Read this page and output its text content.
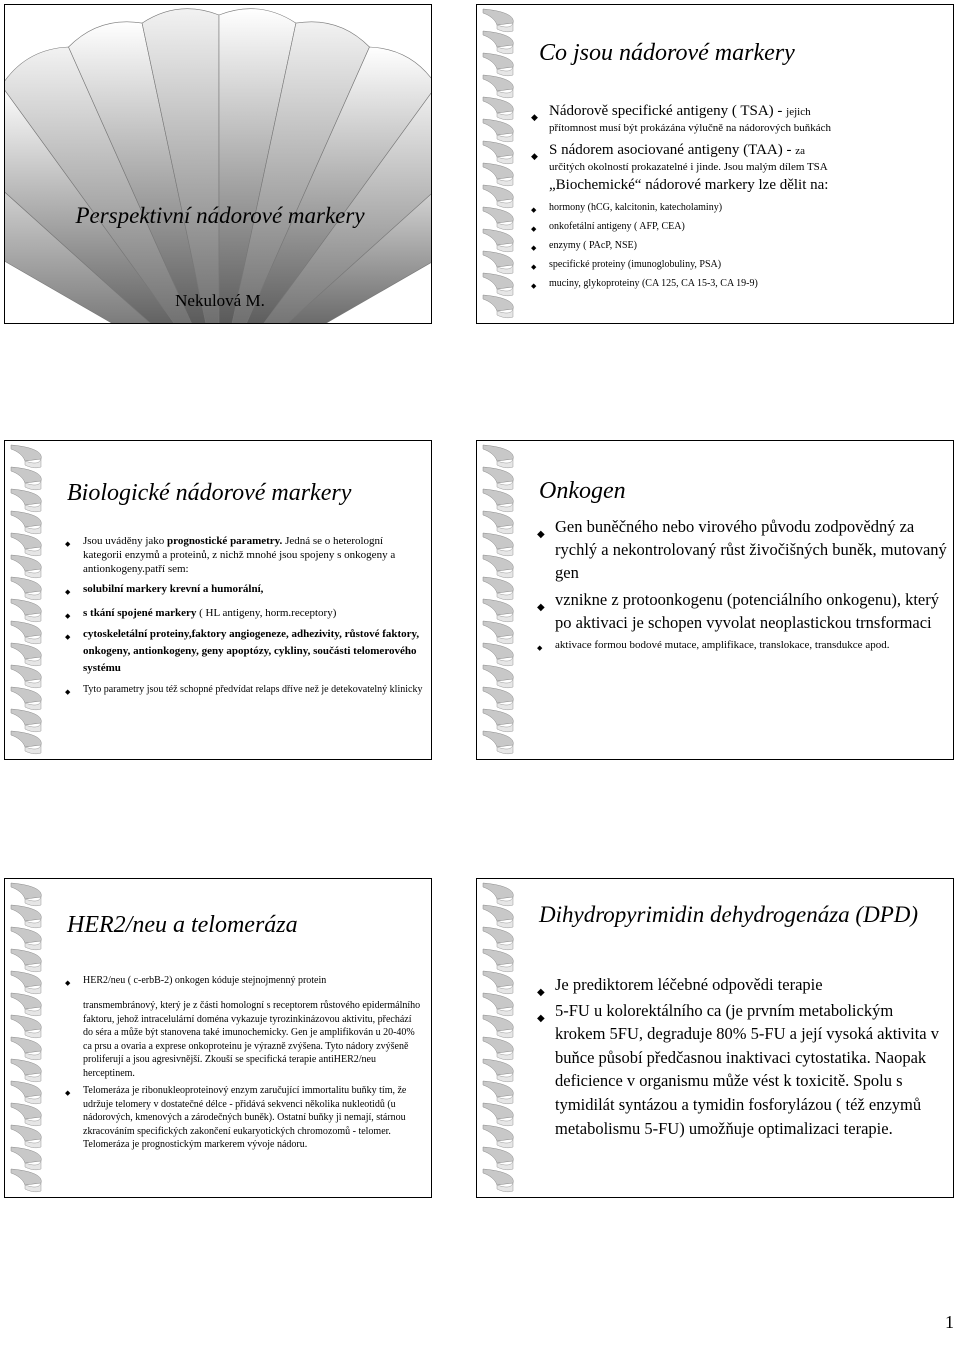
Perspektivní nádorové markery
Nekulová M.
Co jsou nádorové markery
◆ Nádorově specifické antigeny ( TSA) - jejich
přítomnost musí být prokázána výlučně na nádorových buňkách
◆ S nádorem asociované antigeny (TAA) - za
určitých okolností prokazatelné i jinde. Jsou malým dílem TSA
„Biochemické“ nádorové markery lze dělit na:
◆ hormony (hCG, kalcitonin, katecholaminy)
◆ onkofetální antigeny ( AFP, CEA)
◆ enzymy ( PAcP, NSE)
◆ specifické proteiny (imunoglobuliny, PSA)
◆ muciny, glykoproteiny (CA 125, CA 15-3, CA 19-9)
Biologické nádorové markery
◆ Jsou uváděny jako prognostické parametry. Jedná se o heterologní kategorii enzymů a proteinů, z nichž mnohé jsou spojeny s onkogeny a antionkogeny.patří sem:
◆ solubilní markery krevní a humorální,
◆ s tkání spojené markery ( HL antigeny, horm.receptory)
◆ cytoskeletální proteiny,faktory angiogeneze, adhezivity, růstové faktory, onkogeny, antionkogeny, geny apoptózy, cykliny, součásti telomerového systému
◆ Tyto parametry jsou též schopné předvídat relaps dříve než je detekovatelný klinicky
Onkogen
◆ Gen buněčného nebo virového původu zodpovědný za rychlý a nekontrolovaný růst živočišných buněk, mutovaný gen
◆ vznikne z protoonkogenu (potenciálního onkogenu), který po aktivaci je schopen vyvolat neoplastickou trnsformaci
◆ aktivace formou bodové mutace, amplifikace, translokace, transdukce apod.
HER2/neu a telomeráza
◆ HER2/neu ( c-erbB-2) onkogen kóduje stejnojmenný protein
transmembránový, který je z části homologní s receptorem růstového epidermálního faktoru, jehož intracelulární doména vykazuje tyrozinkinázovou aktivitu, přechází do séra a může být stanovena také imunochemicky. Gen je amplifikován u 20-40% ca prsu a ovaria a exprese onkoproteinu je výrazně zvýšena. Tyto nádory zvýšeně proliferují a jsou agresivnější. Zkouší se specifická terapie antiHER2/neu herceptinem.
◆ Telomeráza je ribonukleoproteinový enzym zaručující immortalitu buňky tím, že udržuje telomery v dostatečné délce - přidává sekvenci několika nukleotidů (u nádorových, kmenových a zárodečných buněk). Ostatní buňky ji nemají, stárnou zkracováním specifických zakončení eukaryotických chromozomů - telomer. Telomeráza je prognostickým markerem vývoje nádoru.
Dihydropyrimidin dehydrogenáza (DPD)
◆ Je prediktorem léčebné odpovědi terapie
◆ 5-FU u kolorektálního ca (je prvním metabolickým krokem 5FU, degraduje 80% 5-FU a její vysoká aktivita v buňce působí předčasnou inaktivaci cytostatika. Naopak deficience v organismu může vést k toxicitě. Spolu s tymidilát syntázou a tymidin fosforylázou ( též enzymů metabolismu 5-FU) umožňuje optimalizaci terapie.
1
